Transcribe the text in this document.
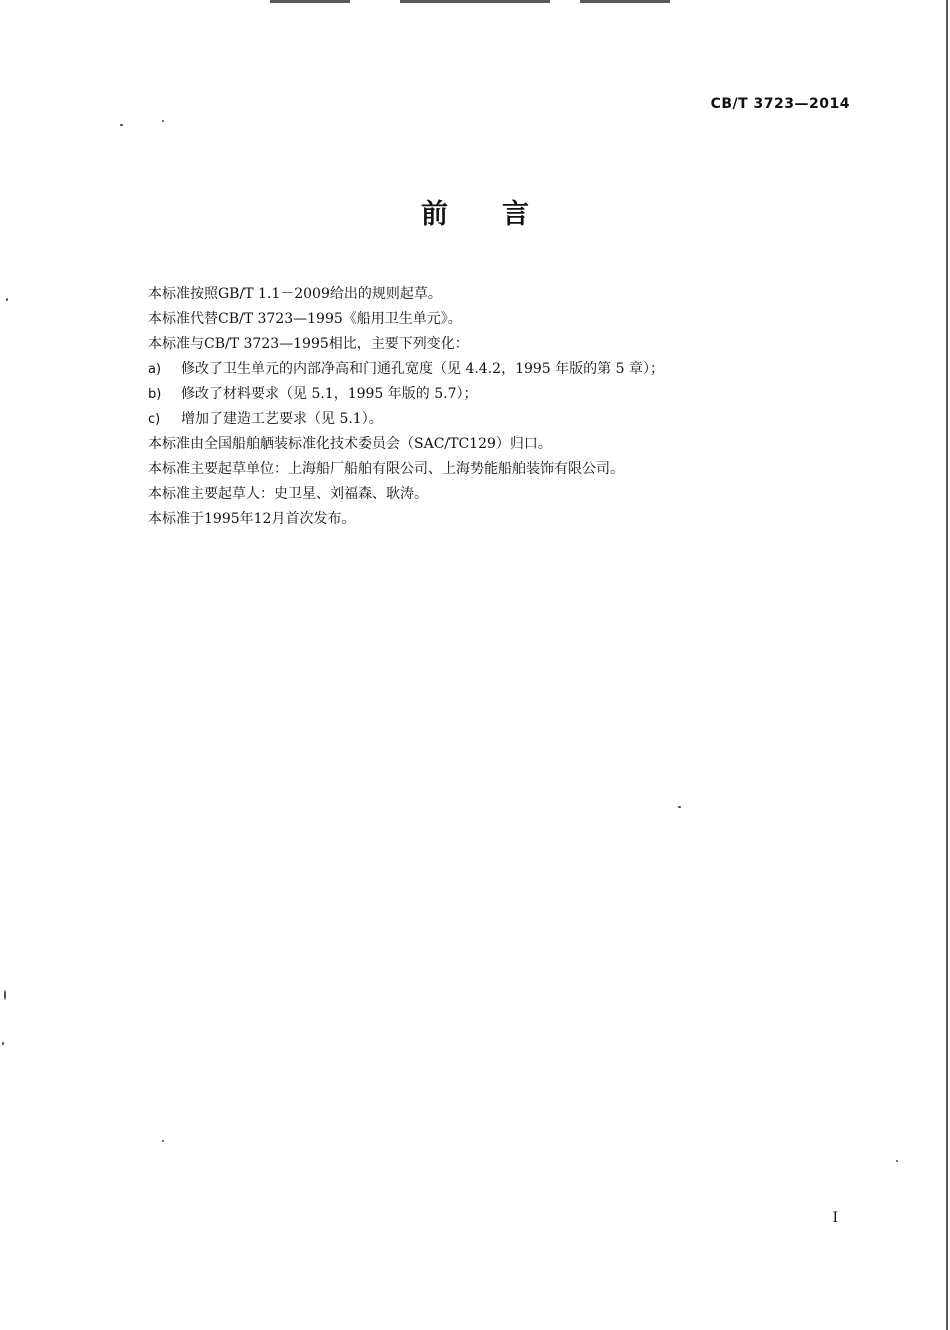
CB/T 3723—2014
前 言
本标准按照GB/T 1.1－2009给出的规则起草。
本标准代替CB/T 3723—1995《船用卫生单元》。
本标准与CB/T 3723—1995相比，主要下列变化：
a) 修改了卫生单元的内部净高和门通孔宽度（见 4.4.2，1995 年版的第 5 章）；
b) 修改了材料要求（见 5.1，1995 年版的 5.7）；
c) 增加了建造工艺要求（见 5.1）。
本标准由全国船舶舾装标准化技术委员会（SAC/TC129）归口。
本标准主要起草单位：上海船厂船舶有限公司、上海势能船舶装饰有限公司。
本标准主要起草人：史卫星、刘福森、耿涛。
本标准于1995年12月首次发布。
I
